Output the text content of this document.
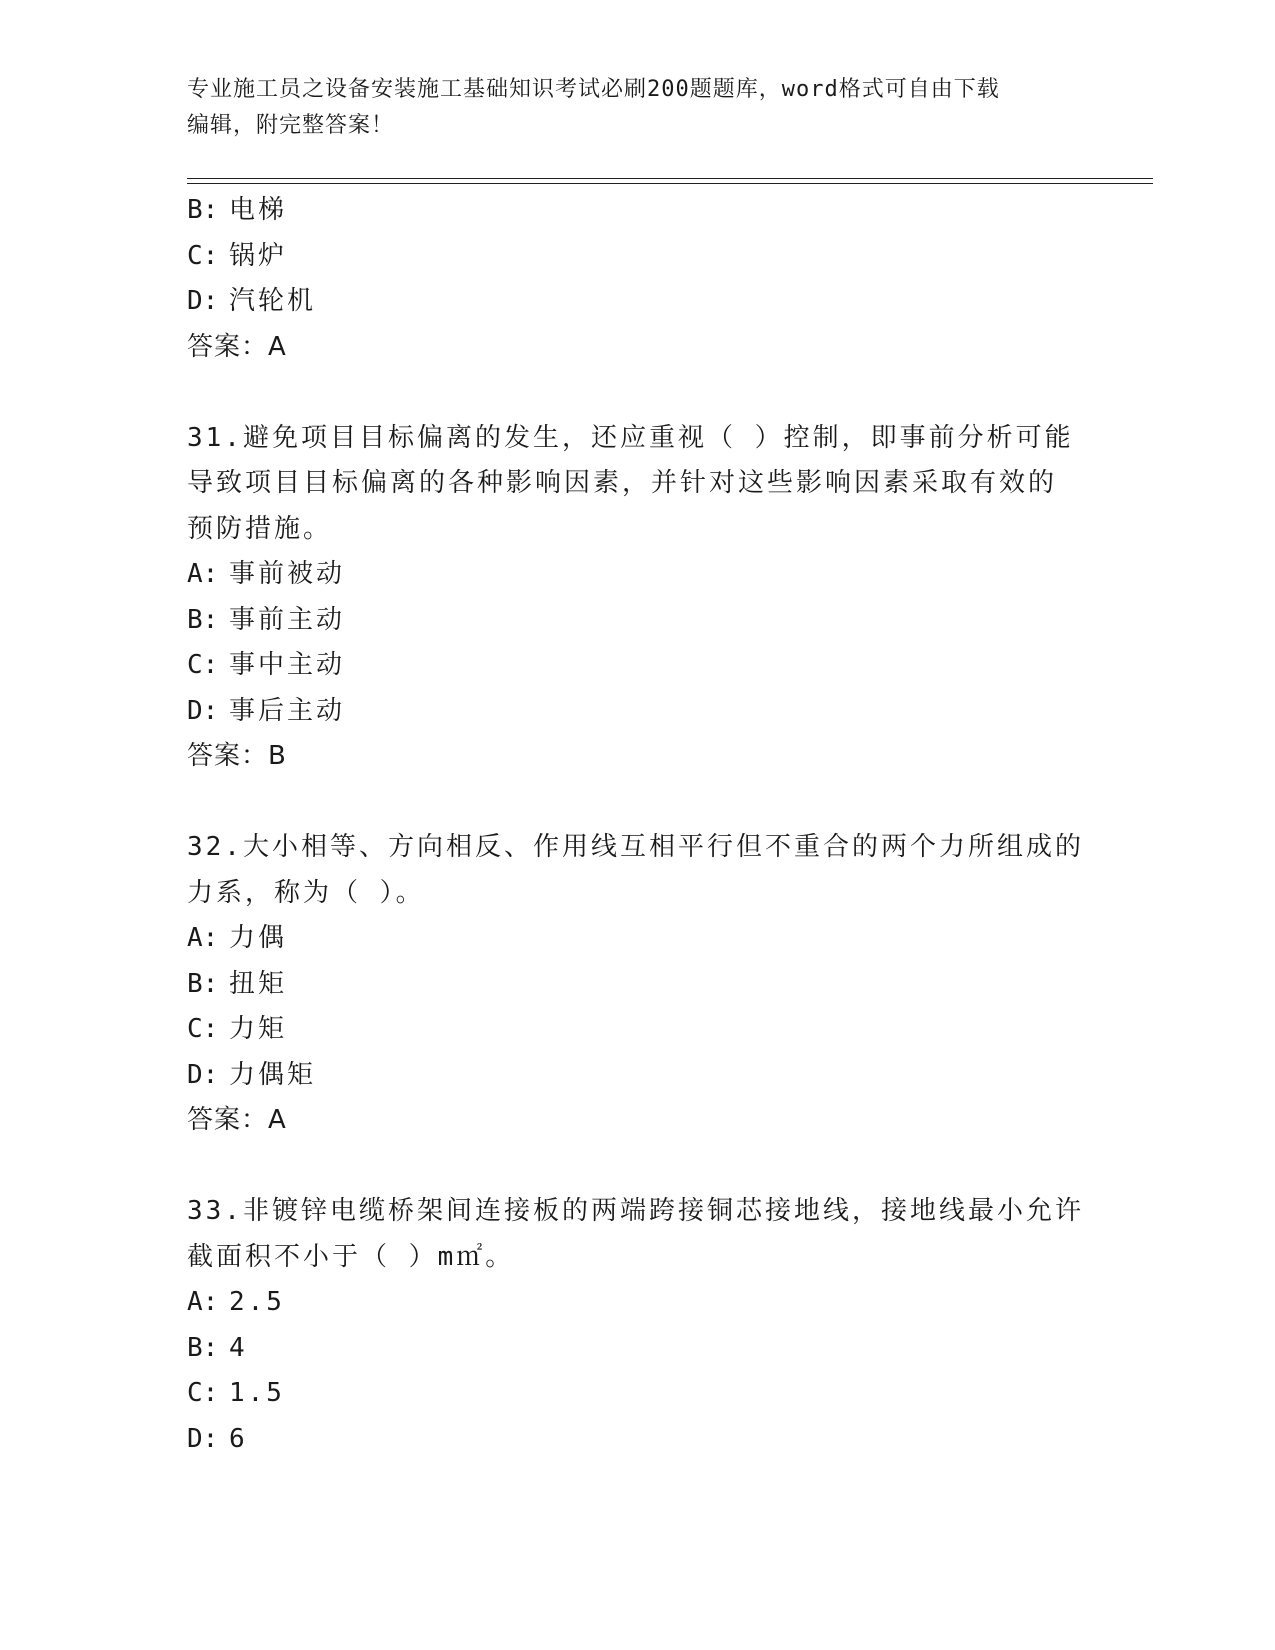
专业施工员之设备安装施工基础知识考试必刷200题题库，word格式可自由下载
编辑，附完整答案！
B: 电梯
C: 锅炉
D: 汽轮机
答案：A
31.避免项目目标偏离的发生，还应重视（ ）控制，即事前分析可能
导致项目目标偏离的各种影响因素，并针对这些影响因素采取有效的
预防措施。
A: 事前被动
B: 事前主动
C: 事中主动
D: 事后主动
答案：B
32.大小相等、方向相反、作用线互相平行但不重合的两个力所组成的
力系，称为（ ）。
A: 力偶
B: 扭矩
C: 力矩
D: 力偶矩
答案：A
33.非镀锌电缆桥架间连接板的两端跨接铜芯接地线，接地线最小允许
截面积不小于（ ）m㎡。
A: 2.5
B: 4
C: 1.5
D: 6
